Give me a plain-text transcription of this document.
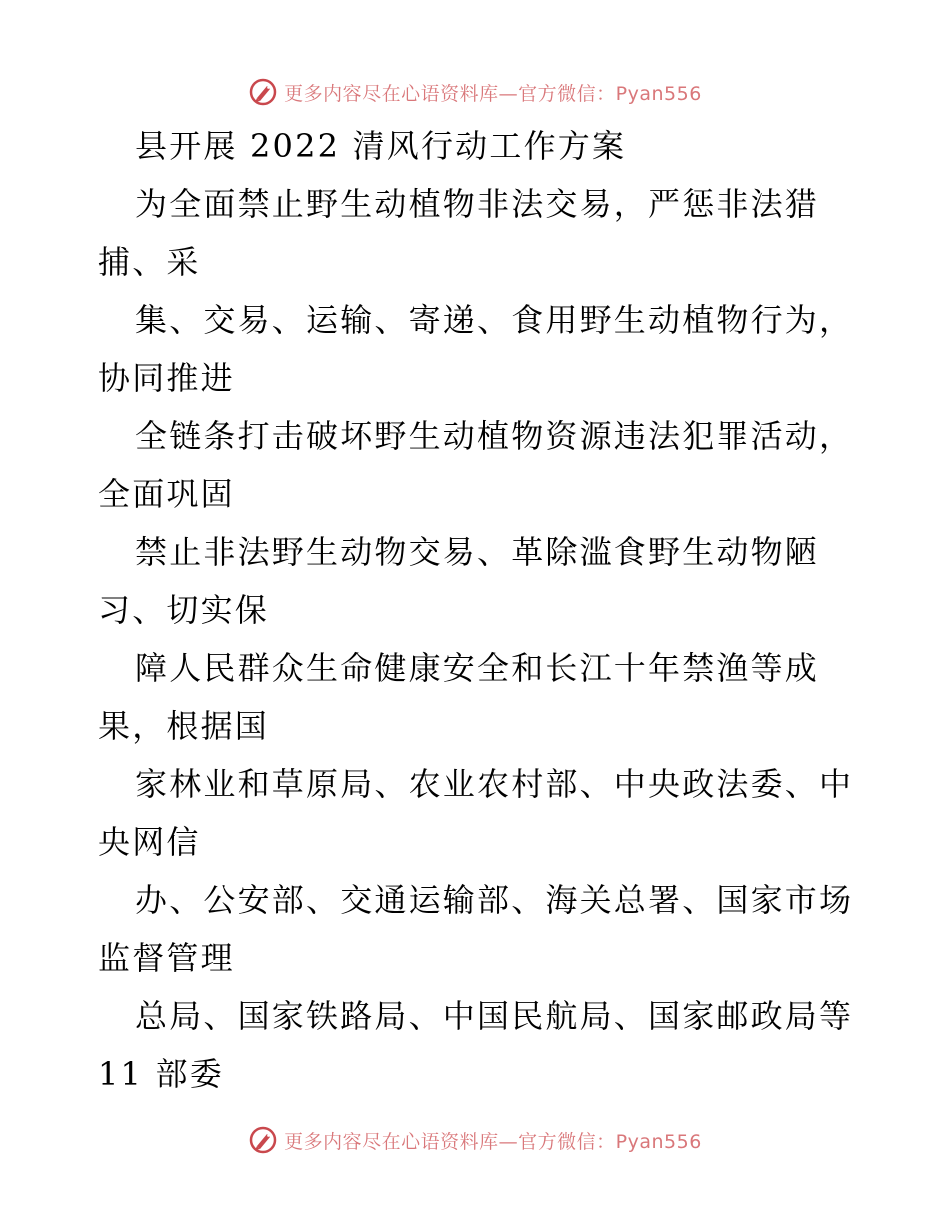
更多内容尽在心语资料库—官方微信：Pyan556
县开展 2022 清风行动工作方案
为全面禁止野生动植物非法交易，严惩非法猎
捕、采
集、交易、运输、寄递、食用野生动植物行为，
协同推进
全链条打击破坏野生动植物资源违法犯罪活动，
全面巩固
禁止非法野生动物交易、革除滥食野生动物陋
习、切实保
障人民群众生命健康安全和长江十年禁渔等成
果，根据国
家林业和草原局、农业农村部、中央政法委、中
央网信
办、公安部、交通运输部、海关总署、国家市场
监督管理
总局、国家铁路局、中国民航局、国家邮政局等
11 部委
更多内容尽在心语资料库—官方微信：Pyan556
